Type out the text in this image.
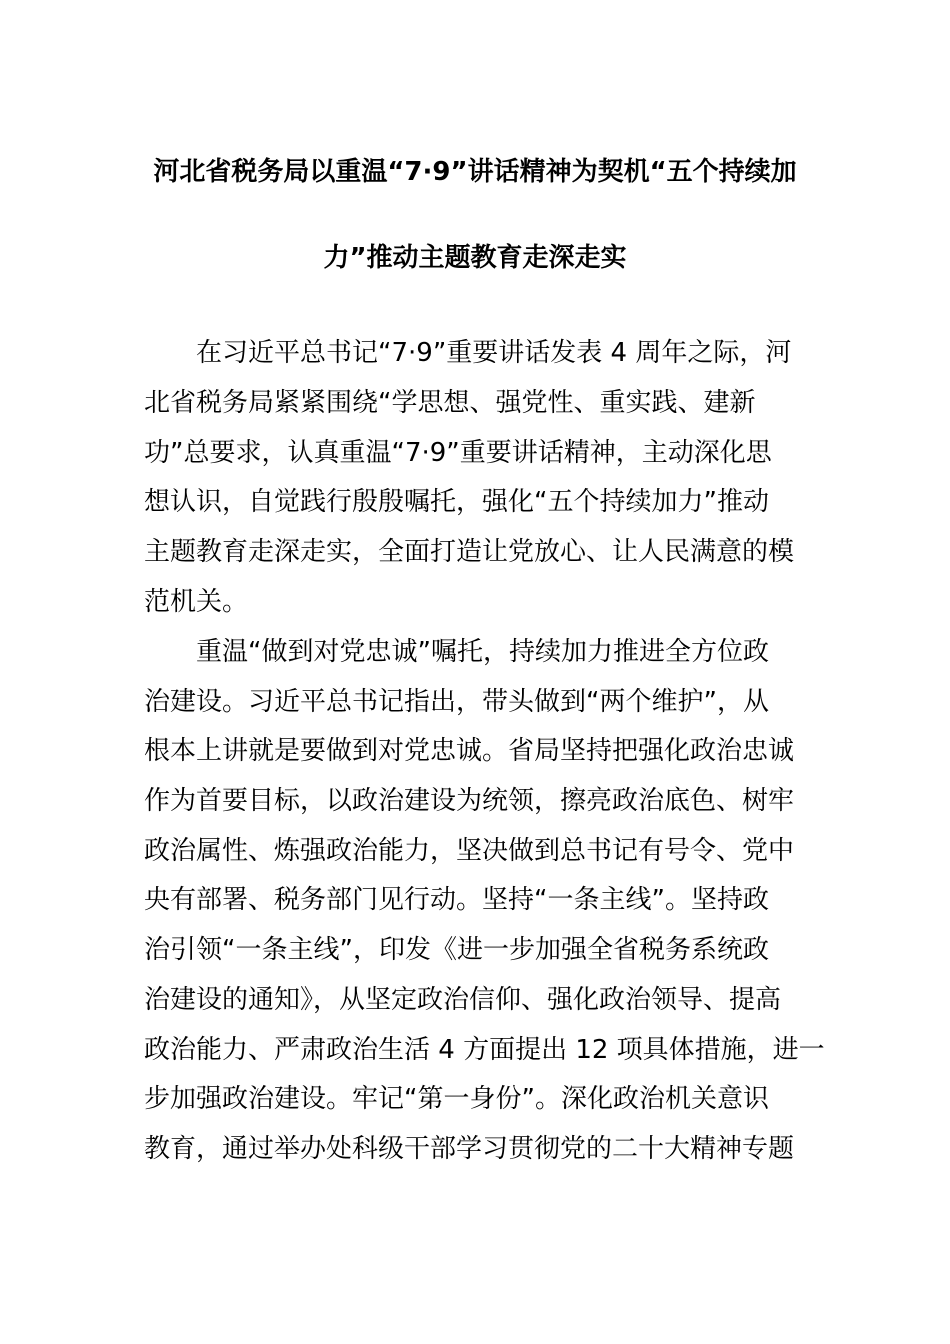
河北省税务局以重温“7·9”讲话精神为契机“五个持续加
力”推动主题教育走深走实
在习近平总书记“7·9”重要讲话发表 4 周年之际，河
北省税务局紧紧围绕“学思想、强党性、重实践、建新
功”总要求，认真重温“7·9”重要讲话精神，主动深化思
想认识，自觉践行殷殷嘱托，强化“五个持续加力”推动
主题教育走深走实，全面打造让党放心、让人民满意的模
范机关。
重温“做到对党忠诚”嘱托，持续加力推进全方位政
治建设。习近平总书记指出，带头做到“两个维护”，从
根本上讲就是要做到对党忠诚。省局坚持把强化政治忠诚
作为首要目标，以政治建设为统领，擦亮政治底色、树牢
政治属性、炼强政治能力，坚决做到总书记有号令、党中
央有部署、税务部门见行动。坚持“一条主线”。坚持政
治引领“一条主线”，印发《进一步加强全省税务系统政
治建设的通知》，从坚定政治信仰、强化政治领导、提高
政治能力、严肃政治生活 4 方面提出 12 项具体措施，进一
步加强政治建设。牢记“第一身份”。深化政治机关意识
教育，通过举办处科级干部学习贯彻党的二十大精神专题
